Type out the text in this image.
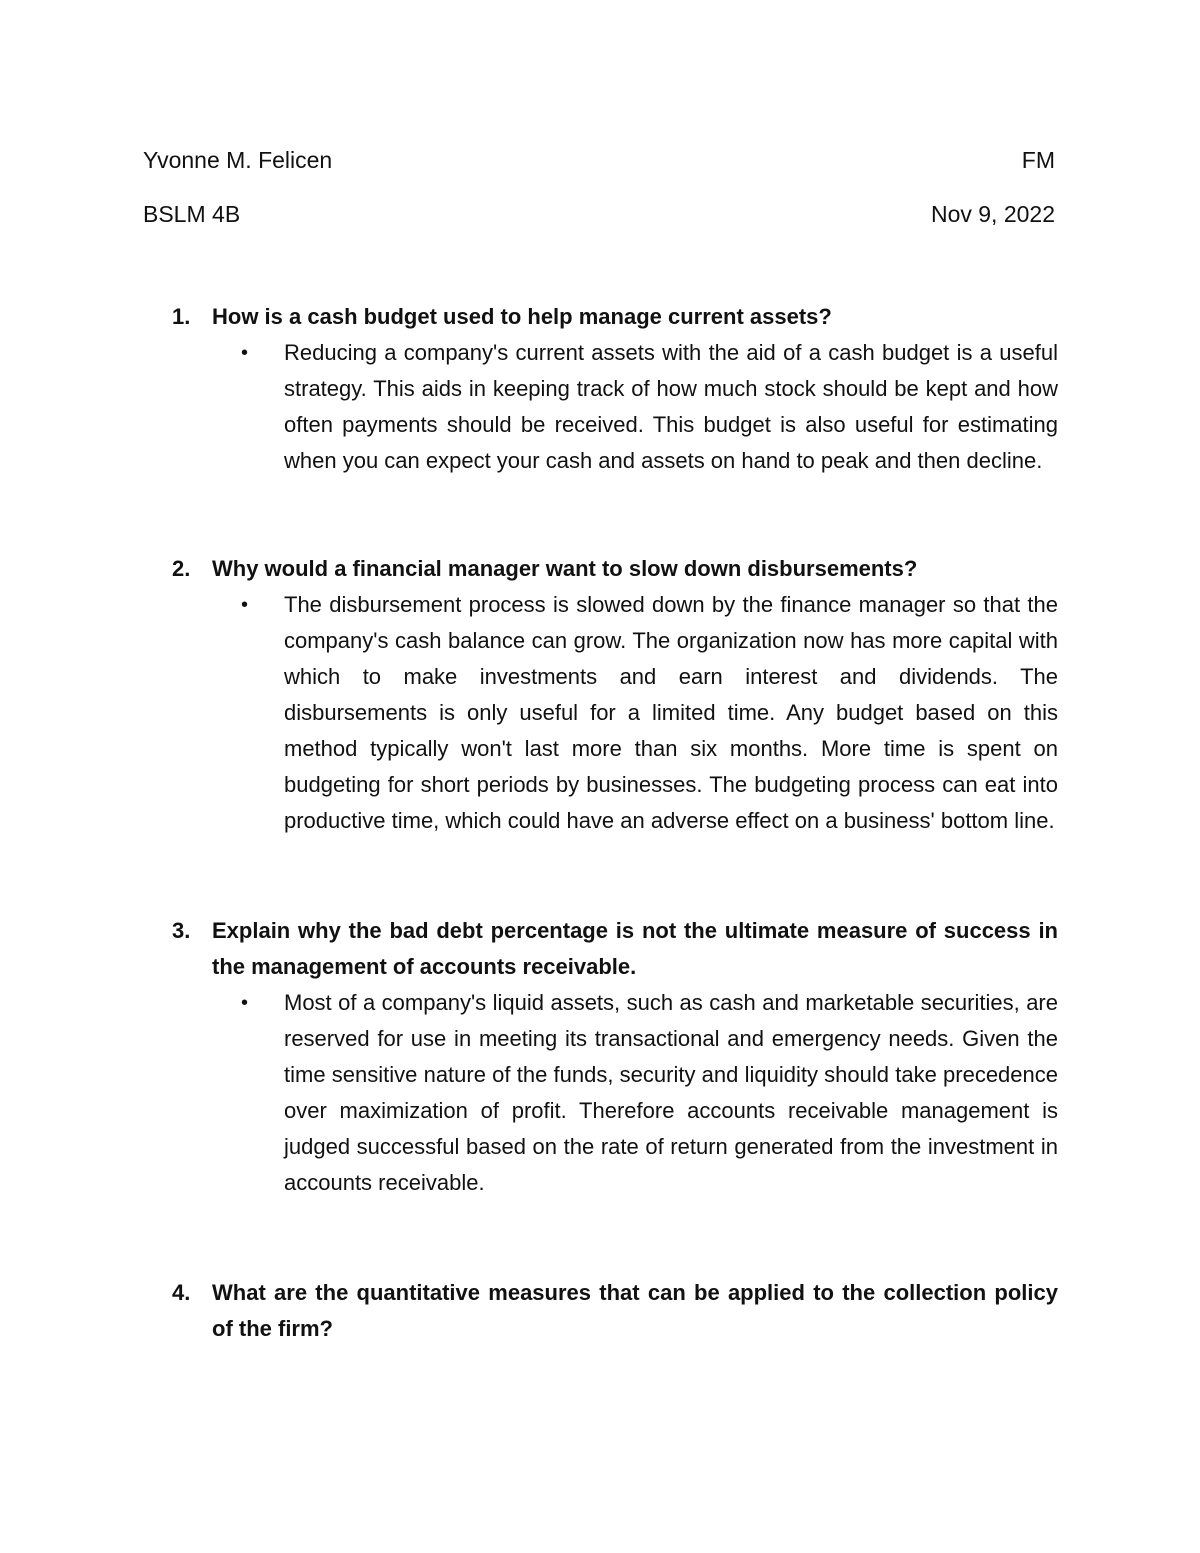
Yvonne M. Felicen	FM
BSLM 4B	Nov 9, 2022
1. How is a cash budget used to help manage current assets?
•	Reducing a company's current assets with the aid of a cash budget is a useful strategy. This aids in keeping track of how much stock should be kept and how often payments should be received. This budget is also useful for estimating when you can expect your cash and assets on hand to peak and then decline.
2. Why would a financial manager want to slow down disbursements?
•	The disbursement process is slowed down by the finance manager so that the company's cash balance can grow. The organization now has more capital with which to make investments and earn interest and dividends. The disbursements is only useful for a limited time. Any budget based on this method typically won't last more than six months. More time is spent on budgeting for short periods by businesses. The budgeting process can eat into productive time, which could have an adverse effect on a business' bottom line.
3. Explain why the bad debt percentage is not the ultimate measure of success in the management of accounts receivable.
•	Most of a company's liquid assets, such as cash and marketable securities, are reserved for use in meeting its transactional and emergency needs. Given the time sensitive nature of the funds, security and liquidity should take precedence over maximization of profit. Therefore accounts receivable management is judged successful based on the rate of return generated from the investment in accounts receivable.
4. What are the quantitative measures that can be applied to the collection policy of the firm?
